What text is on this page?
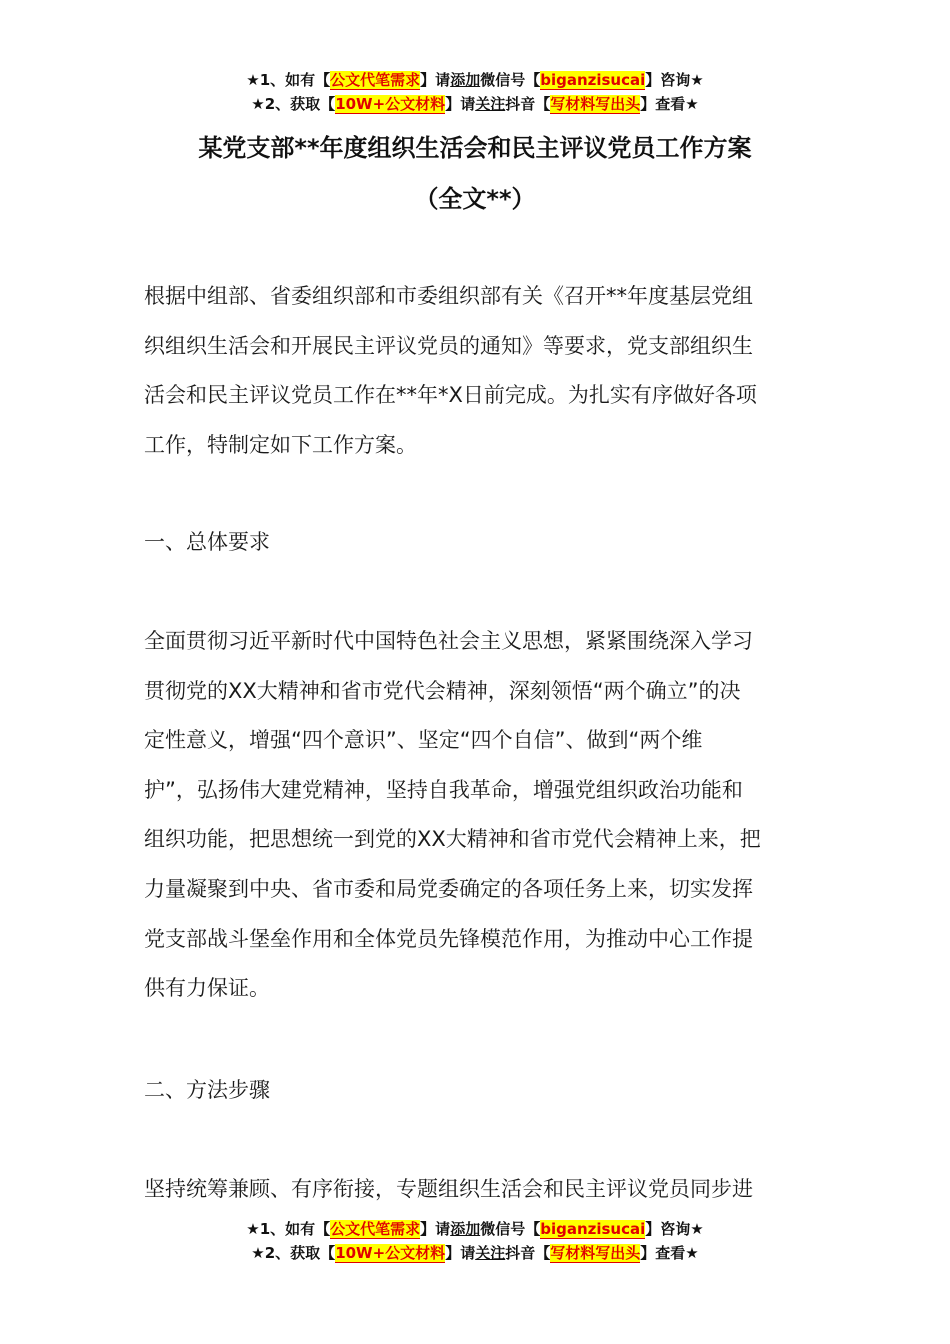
★1、如有【公文代笔需求】请添加微信号【biganzisucai】咨询★
★2、获取【10W+公文材料】请关注抖音【写材料写出头】查看★
某党支部**年度组织生活会和民主评议党员工作方案
（全文**）
根据中组部、省委组织部和市委组织部有关《召开**年度基层党组
织组织生活会和开展民主评议党员的通知》等要求，党支部组织生
活会和民主评议党员工作在**年*X日前完成。为扎实有序做好各项
工作，特制定如下工作方案。
一、总体要求
全面贯彻习近平新时代中国特色社会主义思想，紧紧围绕深入学习
贯彻党的XX大精神和省市党代会精神，深刻领悟“两个确立”的决
定性意义，增强“四个意识”、坚定“四个自信”、做到“两个维
护”，弘扬伟大建党精神，坚持自我革命，增强党组织政治功能和
组织功能，把思想统一到党的XX大精神和省市党代会精神上来，把
力量凝聚到中央、省市委和局党委确定的各项任务上来，切实发挥
党支部战斗堡垒作用和全体党员先锋模范作用，为推动中心工作提
供有力保证。
二、方法步骤
坚持统筹兼顾、有序衔接，专题组织生活会和民主评议党员同步进
★1、如有【公文代笔需求】请添加微信号【biganzisucai】咨询★
★2、获取【10W+公文材料】请关注抖音【写材料写出头】查看★
